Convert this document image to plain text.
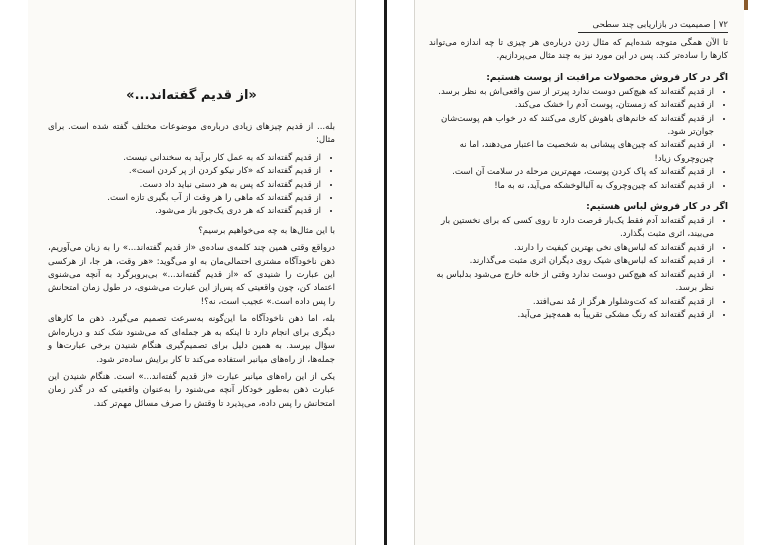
«از قدیم گفته‌اند...»

بله... از قدیم چیزهای زیادی درباره‌ی موضوعات مختلف گفته شده است. برای مثال:

• از قدیم گفته‌اند که به عمل کار برآید به سخندانی نیست.
• از قدیم گفته‌اند که «کار نیکو کردن از پر کردن است».
• از قدیم گفته‌اند که پس به هر دستی نباید داد دست.
• از قدیم گفته‌اند که ماهی را هر وقت از آب بگیری تازه است.
• از قدیم گفته‌اند که هر دری یک‌جور باز می‌شود.

با این مثال‌ها به چه می‌خواهیم برسیم؟

درواقع وقتی همین چند کلمه‌ی ساده‌ی «از قدیم گفته‌اند...» را به زبان می‌آوریم، ذهن ناخودآگاه مشتری احتمالی‌مان به او می‌گوید: «هر وقت، هر جا، از هرکسی این عبارت را شنیدی که «از قدیم گفته‌اند...» بی‌برو‌برگرد به آنچه می‌شنوی اعتماد کن، چون واقعیتی که پس‌از این عبارت می‌شنوی، در طول زمان امتحانش را پس داده است.» عجیب است، نه؟!

بله، اما ذهن ناخودآگاه ما این‌گونه به‌سرعت تصمیم می‌گیرد. ذهن ما کارهای دیگری برای انجام دارد تا اینکه به هر جمله‌ای که می‌شنود شک کند و درباره‌اش سؤال بپرسد. به همین دلیل برای تصمیم‌گیری هنگام شنیدن برخی عبارت‌ها و جمله‌ها، از راه‌های میانبر استفاده می‌کند تا کار برایش ساده‌تر شود.

یکی از این راه‌های میانبر عبارت «از قدیم گفته‌اند...» است. هنگام شنیدن این عبارت ذهن به‌طور خودکار آنچه می‌شنود را به‌عنوان واقعیتی که در گذر زمان امتحانش را پس داده، می‌پذیرد تا وقتش را صرف مسائل مهم‌تر کند.

۷۲ | صمیمیت در بازاریابی چند سطحی

تا الآن همگی متوجه شده‌ایم که مثال زدن درباره‌ی هر چیزی تا چه اندازه می‌تواند کارها را ساده‌تر کند. پس در این مورد نیز به چند مثال می‌پردازیم.

اگر در کار فروش محصولات مراقبت از پوست هستیم:
• از قدیم گفته‌اند که هیچ‌کس دوست ندارد پیرتر از سن واقعی‌اش به نظر برسد.
• از قدیم گفته‌اند که زمستان، پوست آدم را خشک می‌کند.
• از قدیم گفته‌اند که خانم‌های باهوش کاری می‌کنند که در خواب هم پوست‌شان جوان‌تر شود.
• از قدیم گفته‌اند که چین‌های پیشانی به شخصیت ما اعتبار می‌دهند، اما نه چین‌وچروک زیاد!
• از قدیم گفته‌اند که پاک کردن پوست، مهم‌ترین مرحله در سلامت آن است.
• از قدیم گفته‌اند که چین‌وچروک به آلبالوخشکه می‌آید، نه به ما!
اگر در کار فروش لباس هستیم:
• از قدیم گفته‌اند آدم فقط یک‌بار فرصت دارد تا روی کسی که برای نخستین بار می‌بیند، اثری مثبت بگذارد.
• از قدیم گفته‌اند که لباس‌های نخی بهترین کیفیت را دارند.
• از قدیم گفته‌اند که لباس‌های شیک روی دیگران اثری مثبت می‌گذارند.
• از قدیم گفته‌اند که هیچ‌کس دوست ندارد وقتی از خانه خارج می‌شود بدلباس به نظر برسد.
• از قدیم گفته‌اند که کت‌وشلوار هرگز از مُد نمی‌افتد.
• از قدیم گفته‌اند که رنگ مشکی تقریباً به همه‌چیز می‌آید.
